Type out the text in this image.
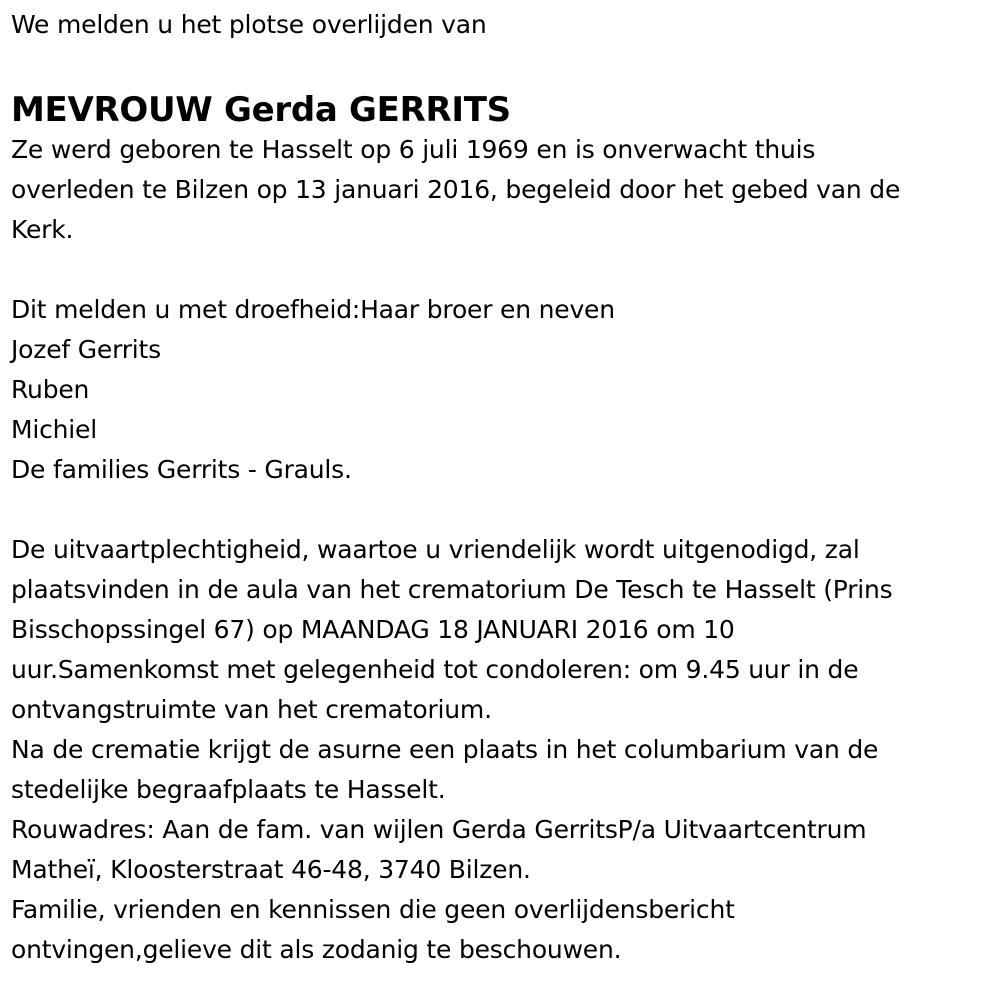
We melden u het plotse overlijden van
MEVROUW Gerda GERRITS
Ze werd geboren te Hasselt op 6 juli 1969 en is onverwacht thuis
overleden te Bilzen op 13 januari 2016, begeleid door het gebed van de
Kerk.
Dit melden u met droefheid:Haar broer en neven
Jozef Gerrits
Ruben
Michiel
De families Gerrits - Grauls.
De uitvaartplechtigheid, waartoe u vriendelijk wordt uitgenodigd, zal
plaatsvinden in de aula van het crematorium De Tesch te Hasselt (Prins
Bisschopssingel 67) op MAANDAG 18 JANUARI 2016 om 10
uur.Samenkomst met gelegenheid tot condoleren: om 9.45 uur in de
ontvangstruimte van het crematorium.
Na de crematie krijgt de asurne een plaats in het columbarium van de
stedelijke begraafplaats te Hasselt.
Rouwadres: Aan de fam. van wijlen Gerda GerritsP/a Uitvaartcentrum
Matheï, Kloosterstraat 46-48, 3740 Bilzen.
Familie, vrienden en kennissen die geen overlijdensbericht
ontvingen,gelieve dit als zodanig te beschouwen.
